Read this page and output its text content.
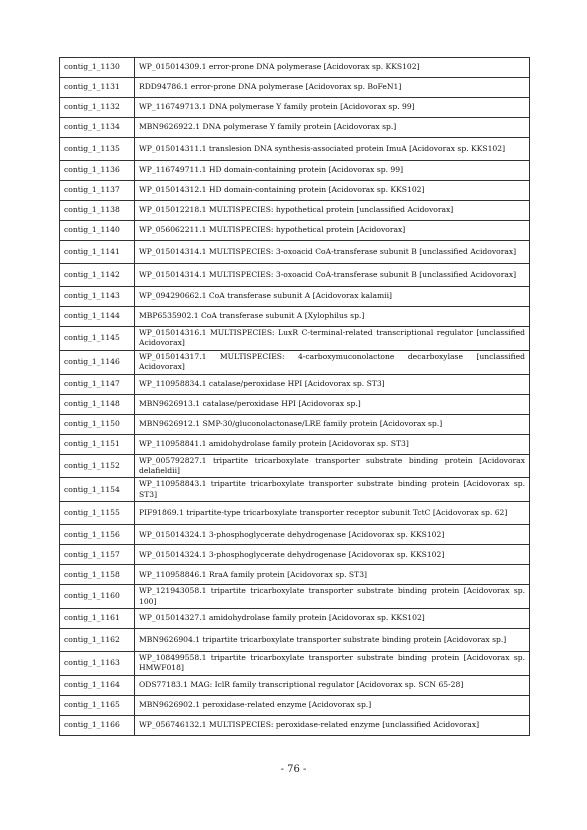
contig_1_1130	WP_015014309.1 error-prone DNA polymerase [Acidovorax sp. KKS102]
contig_1_1131	RDD94786.1 error-prone DNA polymerase [Acidovorax sp. BoFeN1]
contig_1_1132	WP_116749713.1 DNA polymerase Y family protein [Acidovorax sp. 99]
contig_1_1134	MBN9626922.1 DNA polymerase Y family protein [Acidovorax sp.]
contig_1_1135	WP_015014311.1 translesion DNA synthesis-associated protein ImuA [Acidovorax sp. KKS102]
contig_1_1136	WP_116749711.1 HD domain-containing protein [Acidovorax sp. 99]
contig_1_1137	WP_015014312.1 HD domain-containing protein [Acidovorax sp. KKS102]
contig_1_1138	WP_015012218.1 MULTISPECIES: hypothetical protein [unclassified Acidovorax]
contig_1_1140	WP_056062211.1 MULTISPECIES: hypothetical protein [Acidovorax]
contig_1_1141	WP_015014314.1 MULTISPECIES: 3-oxoacid CoA-transferase subunit B [unclassified Acidovorax]
contig_1_1142	WP_015014314.1 MULTISPECIES: 3-oxoacid CoA-transferase subunit B [unclassified Acidovorax]
contig_1_1143	WP_094290662.1 CoA transferase subunit A [Acidovorax kalamii]
contig_1_1144	MBP6535902.1 CoA transferase subunit A [Xylophilus sp.]
contig_1_1145	WP_015014316.1 MULTISPECIES: LuxR C-terminal-related transcriptional regulator [unclassified Acidovorax]
contig_1_1146	WP_015014317.1 MULTISPECIES: 4-carboxymuconolactone decarboxylase [unclassified Acidovorax]
contig_1_1147	WP_110958834.1 catalase/peroxidase HPI [Acidovorax sp. ST3]
contig_1_1148	MBN9626913.1 catalase/peroxidase HPI [Acidovorax sp.]
contig_1_1150	MBN9626912.1 SMP-30/gluconolactonase/LRE family protein [Acidovorax sp.]
contig_1_1151	WP_110958841.1 amidohydrolase family protein [Acidovorax sp. ST3]
contig_1_1152	WP_005792827.1 tripartite tricarboxylate transporter substrate binding protein [Acidovorax delafieldii]
contig_1_1154	WP_110958843.1 tripartite tricarboxylate transporter substrate binding protein [Acidovorax sp. ST3]
contig_1_1155	PIF91869.1 tripartite-type tricarboxylate transporter receptor subunit TctC [Acidovorax sp. 62]
contig_1_1156	WP_015014324.1 3-phosphoglycerate dehydrogenase [Acidovorax sp. KKS102]
contig_1_1157	WP_015014324.1 3-phosphoglycerate dehydrogenase [Acidovorax sp. KKS102]
contig_1_1158	WP_110958846.1 RraA family protein [Acidovorax sp. ST3]
contig_1_1160	WP_121943058.1 tripartite tricarboxylate transporter substrate binding protein [Acidovorax sp. 100]
contig_1_1161	WP_015014327.1 amidohydrolase family protein [Acidovorax sp. KKS102]
contig_1_1162	MBN9626904.1 tripartite tricarboxylate transporter substrate binding protein [Acidovorax sp.]
contig_1_1163	WP_108499558.1 tripartite tricarboxylate transporter substrate binding protein [Acidovorax sp. HMWF018]
contig_1_1164	ODS77183.1 MAG: IclR family transcriptional regulator [Acidovorax sp. SCN 65-28]
contig_1_1165	MBN9626902.1 peroxidase-related enzyme [Acidovorax sp.]
contig_1_1166	WP_056746132.1 MULTISPECIES: peroxidase-related enzyme [unclassified Acidovorax]
- 76 -
